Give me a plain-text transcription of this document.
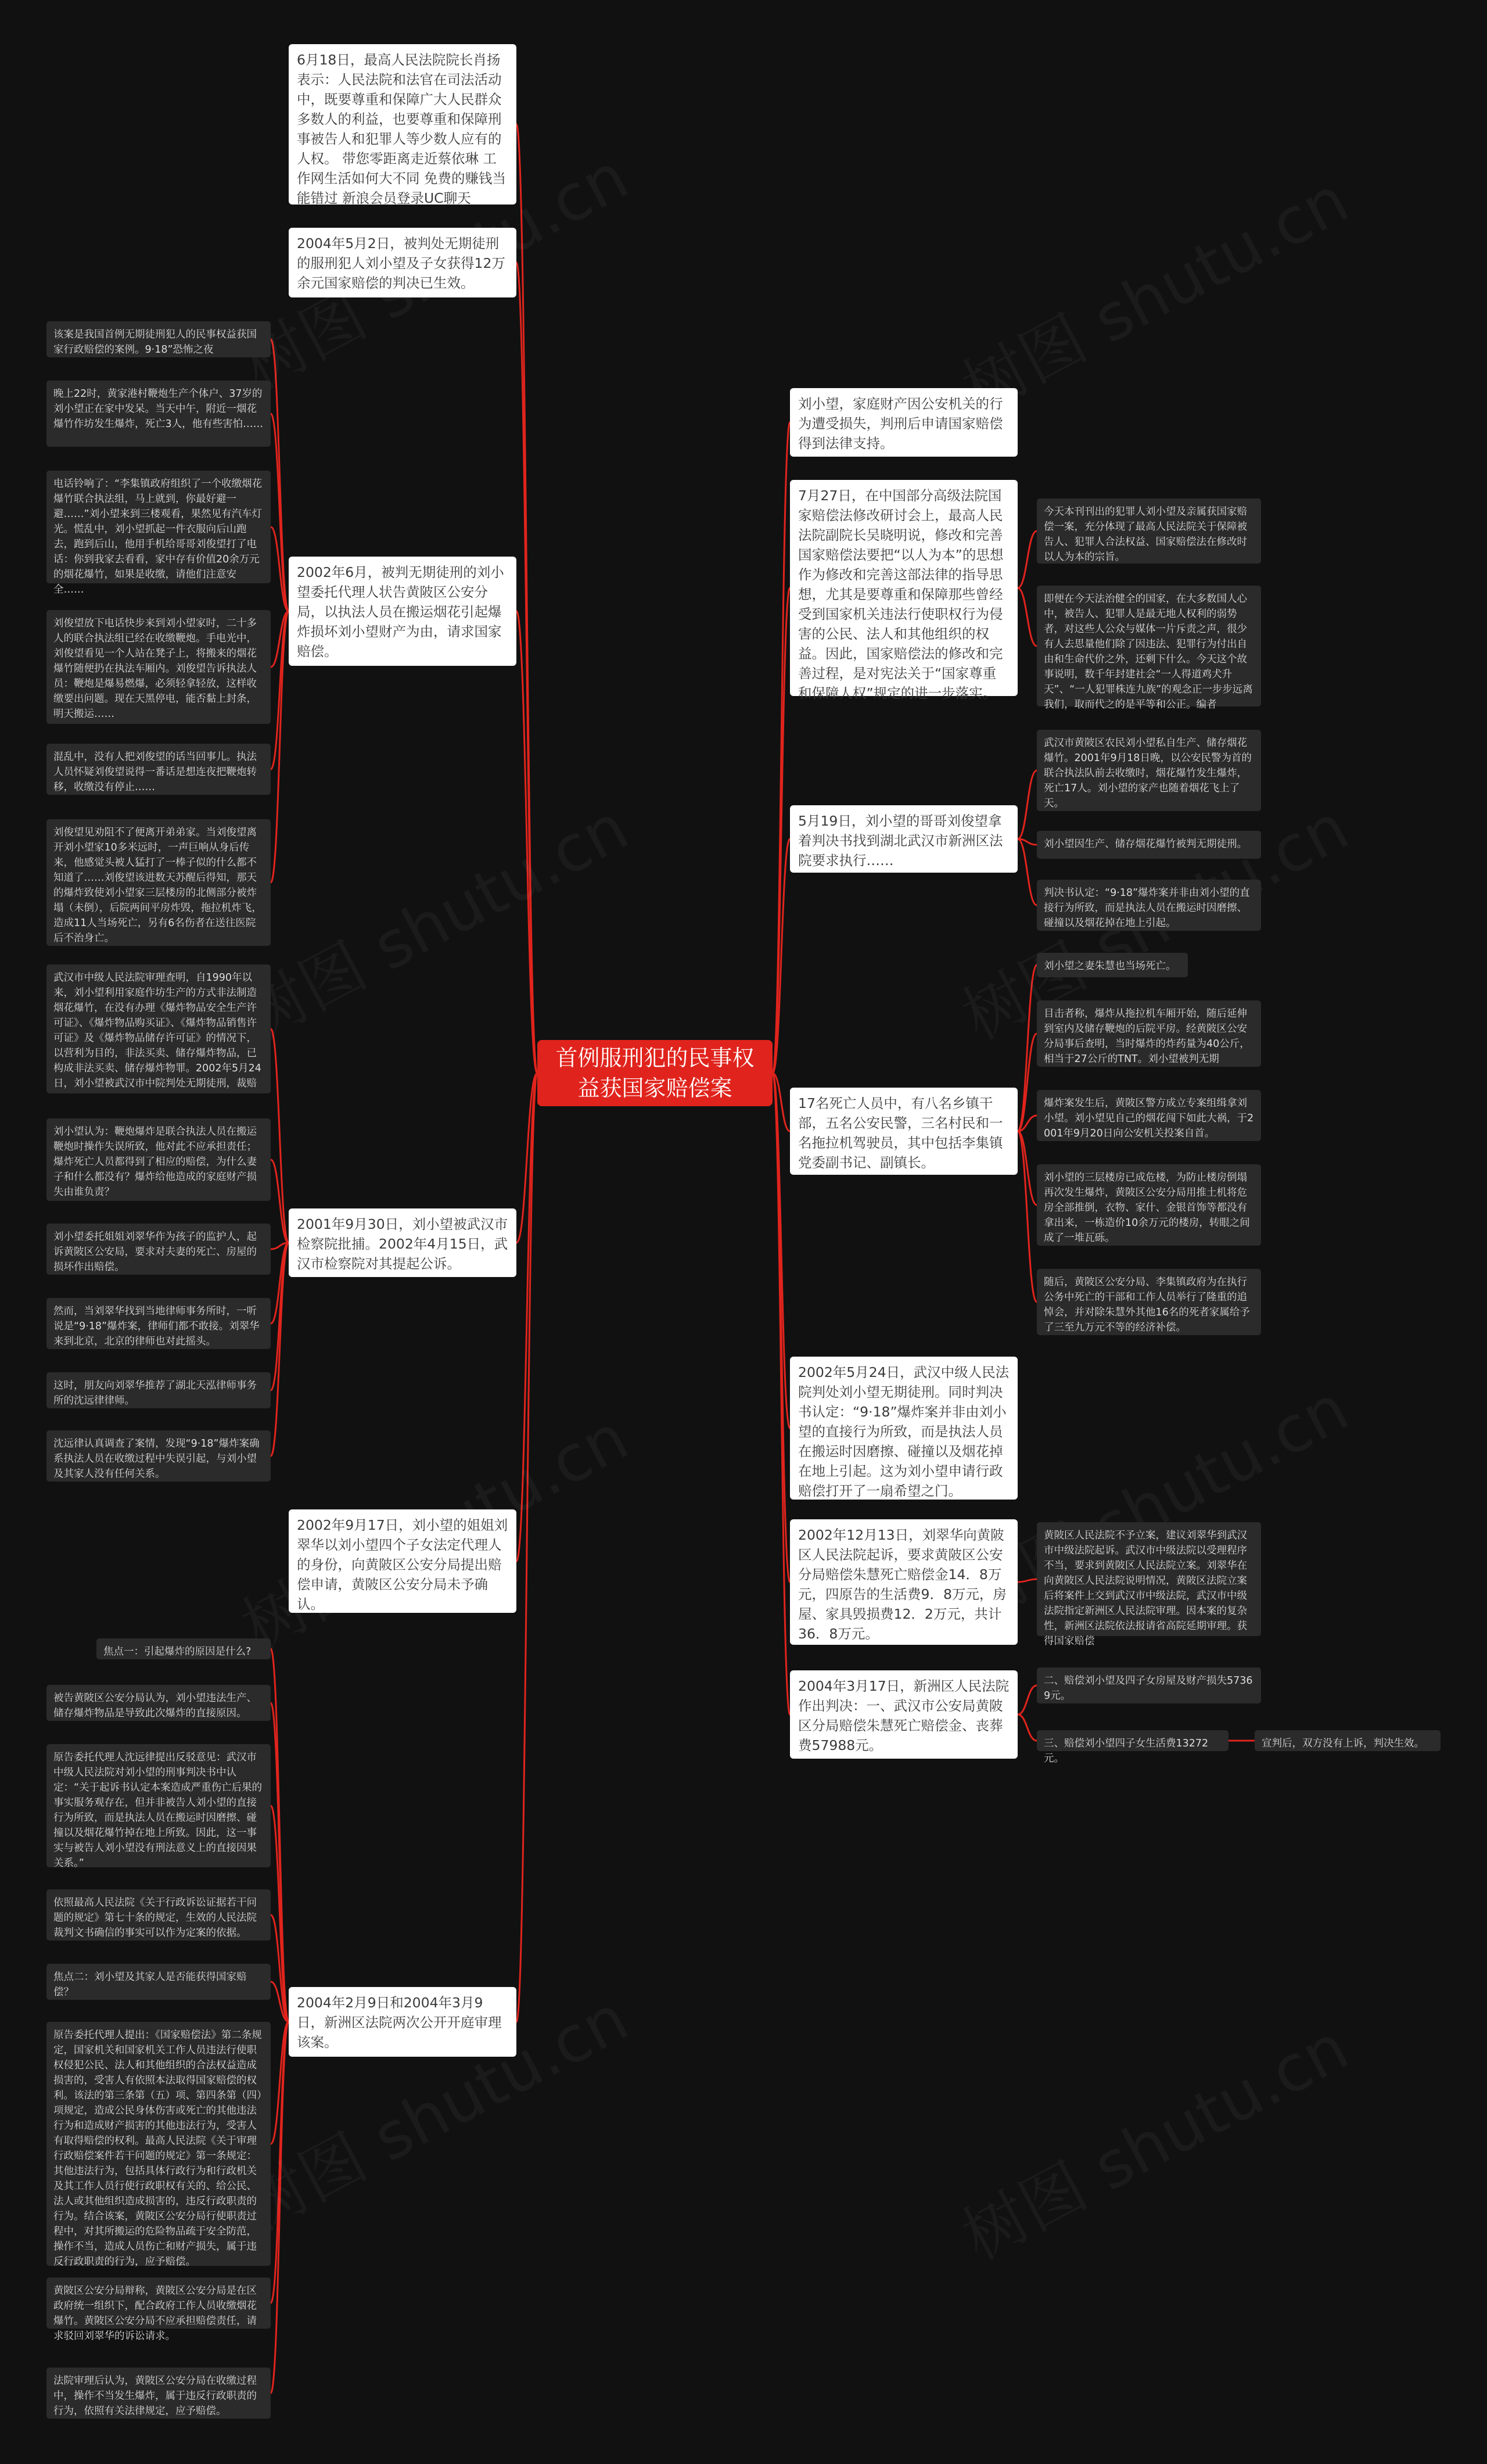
首例服刑犯的民事权益获国家赔偿案
6月18日，最高人民法院院长肖扬表示：人民法院和法官在司法活动中，既要尊重和保障广大人民群众多数人的利益，也要尊重和保障刑事被告人和犯罪人等少数人应有的人权。 带您零距离走近蔡依琳 工作网生活如何大不同 免费的赚钱当能错过 新浪会员登录UC聊天
2004年5月2日，被判处无期徒刑的服刑犯人刘小望及子女获得12万余元国家赔偿的判决已生效。
2002年6月，被判无期徒刑的刘小望委托代理人状告黄陂区公安分局，以执法人员在搬运烟花引起爆炸损坏刘小望财产为由，请求国家赔偿。
2001年9月30日，刘小望被武汉市检察院批捕。2002年4月15日，武汉市检察院对其提起公诉。
2002年9月17日，刘小望的姐姐刘翠华以刘小望四个子女法定代理人的身份，向黄陂区公安分局提出赔偿申请，黄陂区公安分局未予确认。
2004年2月9日和2004年3月9日，新洲区法院两次公开开庭审理该案。
该案是我国首例无期徒刑犯人的民事权益获国家行政赔偿的案例。9·18”恐怖之夜
晚上22时，黄家港村鞭炮生产个体户、37岁的刘小望正在家中发呆。当天中午，附近一烟花爆竹作坊发生爆炸，死亡3人，他有些害怕……
电话铃响了：“李集镇政府组织了一个收缴烟花爆竹联合执法组，马上就到，你最好避一避……”刘小望来到三楼观看，果然见有汽车灯光。慌乱中，刘小望抓起一件衣服向后山跑去，跑到后山，他用手机给哥哥刘俊望打了电话：你到我家去看看，家中存有价值20余万元的烟花爆竹，如果是收缴，请他们注意安全……
刘俊望放下电话快步来到刘小望家时，二十多人的联合执法组已经在收缴鞭炮。手电光中，刘俊望看见一个人站在凳子上，将搬来的烟花爆竹随便扔在执法车厢内。刘俊望告诉执法人员：鞭炮是爆易燃爆，必须轻拿轻放，这样收缴要出问题。现在天黑停电，能否黏上封条，明天搬运……
混乱中，没有人把刘俊望的话当回事儿。执法人员怀疑刘俊望说得一番话是想连夜把鞭炮转移，收缴没有停止……
刘俊望见劝阻不了便离开弟弟家。当刘俊望离开刘小望家10多米远时，一声巨响从身后传来，他感觉头被人猛打了一棒子似的什么都不知道了……刘俊望该进数天苏醒后得知，那天的爆炸致使刘小望家三层楼房的北侧部分被炸塌（未倒），后院两间平房炸毁，拖拉机炸飞，造成11人当场死亡，另有6名伤者在送往医院后不治身亡。
武汉市中级人民法院审理查明，自1990年以来，刘小望利用家庭作坊生产的方式非法制造烟花爆竹，在没有办理《爆炸物品安全生产许可证》、《爆炸物品购买证》、《爆炸物品销售许可证》及《爆炸物品储存许可证》的情况下，以营利为目的，非法买卖、储存爆炸物品，已构成非法买卖、储存爆炸物罪。2002年5月24日，刘小望被武汉市中院判处无期徒刑，裁赔
刘小望认为：鞭炮爆炸是联合执法人员在搬运鞭炮时操作失误所致，他对此不应承担责任；爆炸死亡人员都得到了相应的赔偿，为什么妻子和什么都没有？爆炸给他造成的家庭财产损失由谁负责？
刘小望委托姐姐刘翠华作为孩子的监护人，起诉黄陂区公安局，要求对夫妻的死亡、房屋的损坏作出赔偿。
然而，当刘翠华找到当地律师事务所时，一听说是“9·18”爆炸案，律师们都不敢接。刘翠华来到北京，北京的律师也对此摇头。
这时，朋友向刘翠华推荐了湖北天泓律师事务所的沈远律律师。
沈远律认真调查了案情，发现“9·18”爆炸案确系执法人员在收缴过程中失误引起，与刘小望及其家人没有任何关系。
焦点一：引起爆炸的原因是什么?
被告黄陂区公安分局认为，刘小望违法生产、储存爆炸物品是导致此次爆炸的直接原因。
原告委托代理人沈远律提出反驳意见：武汉市中级人民法院对刘小望的刑事判决书中认定：“关于起诉书认定本案造成严重伤亡后果的事实服务观存在，但并非被告人刘小望的直接行为所致，而是执法人员在搬运时因磨擦、碰撞以及烟花爆竹掉在地上所致。因此，这一事实与被告人刘小望没有刑法意义上的直接因果关系。”
依照最高人民法院《关于行政诉讼证据若干问题的规定》第七十条的规定，生效的人民法院裁判文书确信的事实可以作为定案的依据。
焦点二：刘小望及其家人是否能获得国家赔偿？
原告委托代理人提出：《国家赔偿法》第二条规定，国家机关和国家机关工作人员违法行使职权侵犯公民、法人和其他组织的合法权益造成损害的，受害人有依照本法取得国家赔偿的权利。该法的第三条第（五）项、第四条第（四）项规定，造成公民身体伤害或死亡的其他违法行为和造成财产损害的其他违法行为，受害人有取得赔偿的权利。最高人民法院《关于审理行政赔偿案件若干问题的规定》第一条规定：其他违法行为，包括具体行政行为和行政机关及其工作人员行使行政职权有关的、给公民、法人或其他组织造成损害的，违反行政职责的行为。结合该案，黄陂区公安分局行使职责过程中，对其所搬运的危险物品疏于安全防范，操作不当，造成人员伤亡和财产损失，属于违反行政职责的行为，应予赔偿。
黄陂区公安分局辩称，黄陂区公安分局是在区政府统一组织下，配合政府工作人员收缴烟花爆竹。黄陂区公安分局不应承担赔偿责任，请求驳回刘翠华的诉讼请求。
法院审理后认为，黄陂区公安分局在收缴过程中，操作不当发生爆炸，属于违反行政职责的行为，依照有关法律规定，应予赔偿。
刘小望，家庭财产因公安机关的行为遭受损失，判刑后申请国家赔偿得到法律支持。
7月27日，在中国部分高级法院国家赔偿法修改研讨会上，最高人民法院副院长吴晓明说，修改和完善国家赔偿法要把“以人为本”的思想作为修改和完善这部法律的指导思想，尤其是要尊重和保障那些曾经受到国家机关违法行使职权行为侵害的公民、法人和其他组织的权益。因此，国家赔偿法的修改和完善过程，是对宪法关于“国家尊重和保障人权”规定的进一步落实。
5月19日，刘小望的哥哥刘俊望拿着判决书找到湖北武汉市新洲区法院要求执行……
17名死亡人员中，有八名乡镇干部，五名公安民警，三名村民和一名拖拉机驾驶员，其中包括李集镇党委副书记、副镇长。
2002年5月24日，武汉中级人民法院判处刘小望无期徒刑。同时判决书认定：“9·18”爆炸案并非由刘小望的直接行为所致，而是执法人员在搬运时因磨擦、碰撞以及烟花掉在地上引起。这为刘小望申请行政赔偿打开了一扇希望之门。
2002年12月13日，刘翠华向黄陂区人民法院起诉，要求黄陂区公安分局赔偿朱慧死亡赔偿金14．8万元，四原告的生活费9．8万元，房屋、家具毁损费12．2万元，共计36．8万元。
2004年3月17日，新洲区人民法院作出判决：一、武汉市公安局黄陂区分局赔偿朱慧死亡赔偿金、丧葬费57988元。
今天本刊刊出的犯罪人刘小望及亲属获国家赔偿一案，充分体现了最高人民法院关于保障被告人、犯罪人合法权益、国家赔偿法在修改时以人为本的宗旨。
即便在今天法治健全的国家，在大多数国人心中，被告人、犯罪人是最无地人权利的弱势者，对这些人公众与媒体一片斥责之声，很少有人去思量他们除了因违法、犯罪行为付出自由和生命代价之外，还剩下什么。今天这个故事说明，数千年封建社会“一人得道鸡犬升天”、“一人犯罪株连九族”的观念正一步步远离我们，取而代之的是平等和公正。编者
武汉市黄陂区农民刘小望私自生产、储存烟花爆竹。2001年9月18日晚，以公安民警为首的联合执法队前去收缴时，烟花爆竹发生爆炸，死亡17人。刘小望的家产也随着烟花飞上了天。
刘小望因生产、储存烟花爆竹被判无期徒刑。
判决书认定：“9·18”爆炸案并非由刘小望的直接行为所致，而是执法人员在搬运时因磨擦、碰撞以及烟花掉在地上引起。
刘小望之妻朱慧也当场死亡。
目击者称，爆炸从拖拉机车厢开始，随后延伸到室内及储存鞭炮的后院平房。经黄陂区公安分局事后查明，当时爆炸的炸药量为40公斤，相当于27公斤的TNT。刘小望被判无期
爆炸案发生后，黄陂区警方成立专案组缉拿刘小望。刘小望见自己的烟花闯下如此大祸，于2001年9月20日向公安机关投案自首。
刘小望的三层楼房已成危楼，为防止楼房倒塌再次发生爆炸，黄陂区公安分局用推土机将危房全部推倒，衣物、家什、金银首饰等都没有拿出来，一栋造价10余万元的楼房，转眼之间成了一堆瓦砾。
随后，黄陂区公安分局、李集镇政府为在执行公务中死亡的干部和工作人员举行了隆重的追悼会，并对除朱慧外其他16名的死者家属给予了三至九万元不等的经济补偿。
黄陂区人民法院不予立案，建议刘翠华到武汉市中级法院起诉。武汉市中级法院以受理程序不当，要求到黄陂区人民法院立案。刘翠华在向黄陂区人民法院说明情况，黄陂区法院立案后将案件上交到武汉市中级法院，武汉市中级法院指定新洲区人民法院审理。因本案的复杂性，新洲区法院依法报请省高院延期审理。获得国家赔偿
二、赔偿刘小望及四子女房屋及财产损失57369元。
三、赔偿刘小望四子女生活费13272元。
宣判后，双方没有上诉，判决生效。
